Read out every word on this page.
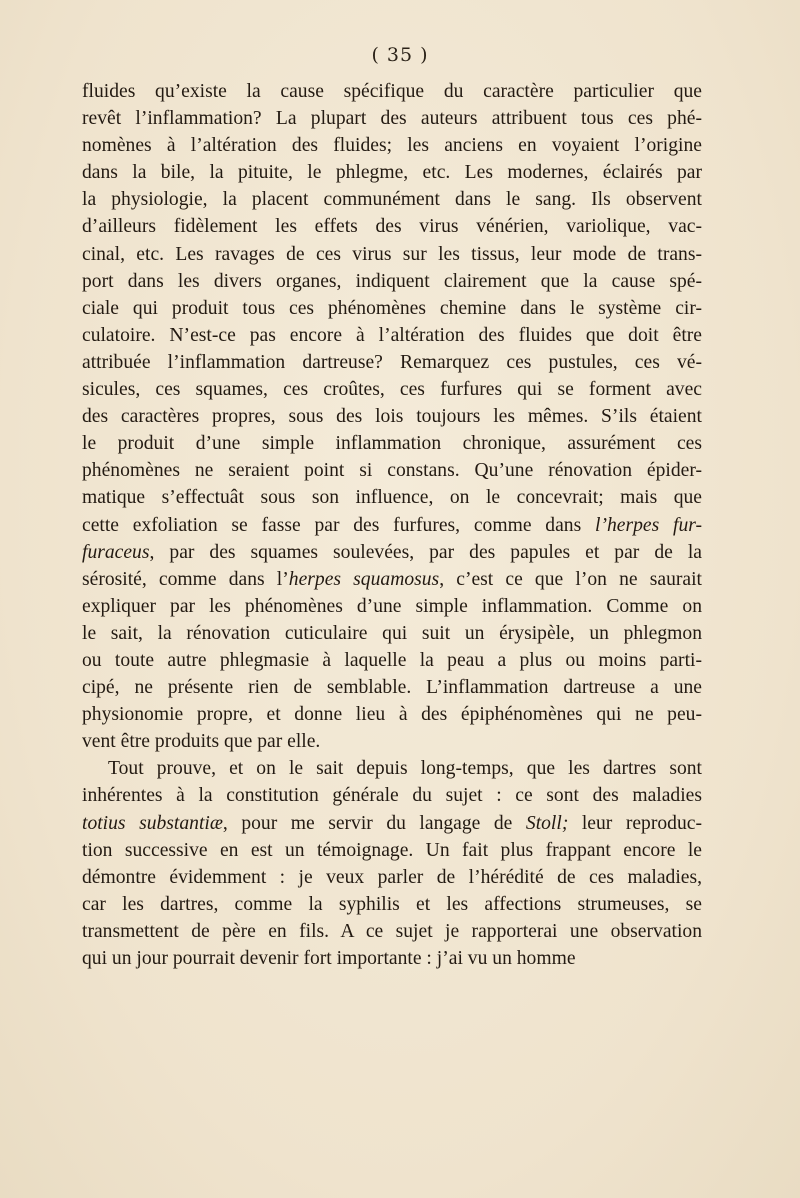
( 35 )
fluides qu’existe la cause spécifique du caractère particulier que
revêt l’inflammation? La plupart des auteurs attribuent tous ces phé-
nomènes à l’altération des fluides; les anciens en voyaient l’origine
dans la bile, la pituite, le phlegme, etc. Les modernes, éclairés par
la physiologie, la placent communément dans le sang. Ils observent
d’ailleurs fidèlement les effets des virus vénérien, variolique, vac-
cinal, etc. Les ravages de ces virus sur les tissus, leur mode de trans-
port dans les divers organes, indiquent clairement que la cause spé-
ciale qui produit tous ces phénomènes chemine dans le système cir-
culatoire. N’est-ce pas encore à l’altération des fluides que doit être
attribuée l’inflammation dartreuse? Remarquez ces pustules, ces vé-
sicules, ces squames, ces croûtes, ces furfures qui se forment avec
des caractères propres, sous des lois toujours les mêmes. S’ils étaient
le produit d’une simple inflammation chronique, assurément ces
phénomènes ne seraient point si constans. Qu’une rénovation épider-
matique s’effectuât sous son influence, on le concevrait; mais que
cette exfoliation se fasse par des furfures, comme dans l’herpes fur-
furaceus, par des squames soulevées, par des papules et par de la
sérosité, comme dans l’herpes squamosus, c’est ce que l’on ne saurait
expliquer par les phénomènes d’une simple inflammation. Comme on
le sait, la rénovation cuticulaire qui suit un érysipèle, un phlegmon
ou toute autre phlegmasie à laquelle la peau a plus ou moins parti-
cipé, ne présente rien de semblable. L’inflammation dartreuse a une
physionomie propre, et donne lieu à des épiphénomènes qui ne peu-
vent être produits que par elle.
Tout prouve, et on le sait depuis long-temps, que les dartres sont
inhérentes à la constitution générale du sujet : ce sont des maladies
totius substantiæ, pour me servir du langage de Stoll; leur reproduc-
tion successive en est un témoignage. Un fait plus frappant encore le
démontre évidemment : je veux parler de l’hérédité de ces maladies,
car les dartres, comme la syphilis et les affections strumeuses, se
transmettent de père en fils. A ce sujet je rapporterai une observation
qui un jour pourrait devenir fort importante : j’ai vu un homme
